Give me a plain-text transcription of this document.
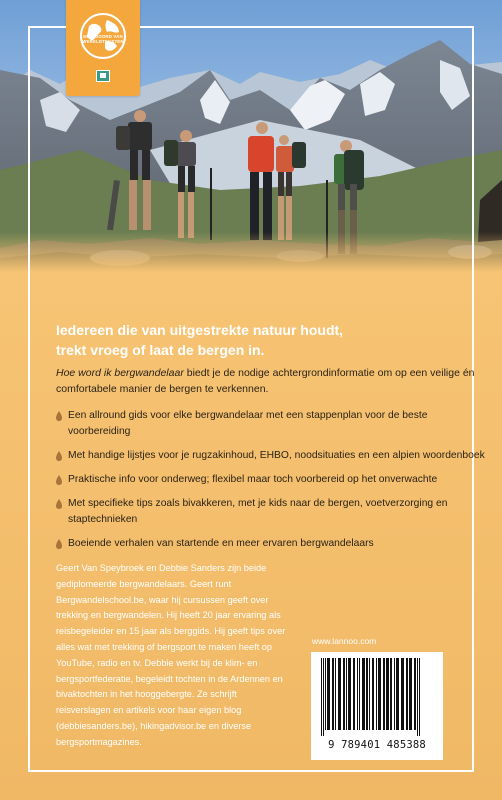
EEN WOORD VAN WERELDTEKSTEN
Iedereen die van uitgestrekte natuur houdt,
trekt vroeg of laat de bergen in.
Hoe word ik bergwandelaar biedt je de nodige achtergrondinformatie om op een veilige én comfortabele manier de bergen te verkennen.
Een allround gids voor elke bergwandelaar met een stappenplan voor de beste voorbereiding
Met handige lijstjes voor je rugzakinhoud, EHBO, noodsituaties en een alpien woordenboek
Praktische info voor onderweg; flexibel maar toch voorbereid op het onverwachte
Met specifieke tips zoals bivakkeren, met je kids naar de bergen, voetverzorging en staptechnieken
Boeiende verhalen van startende en meer ervaren bergwandelaars
Geert Van Speybroek en Debbie Sanders zijn beide gediplomeerde bergwandelaars. Geert runt Bergwandelschool.be, waar hij cursussen geeft over trekking en bergwandelen. Hij heeft 20 jaar ervaring als reisbegeleider en 15 jaar als berggids. Hij geeft tips over alles wat met trekking of bergsport te maken heeft op YouTube, radio en tv. Debbie werkt bij de klim- en bergsportfederatie, begeleidt tochten in de Ardennen en bivaktochten in het hooggebergte. Ze schrijft reisverslagen en artikels voor haar eigen blog (debbiesanders.be), hikingadvisor.be en diverse bergsportmagazines.
www.lannoo.com
9 789401 485388
